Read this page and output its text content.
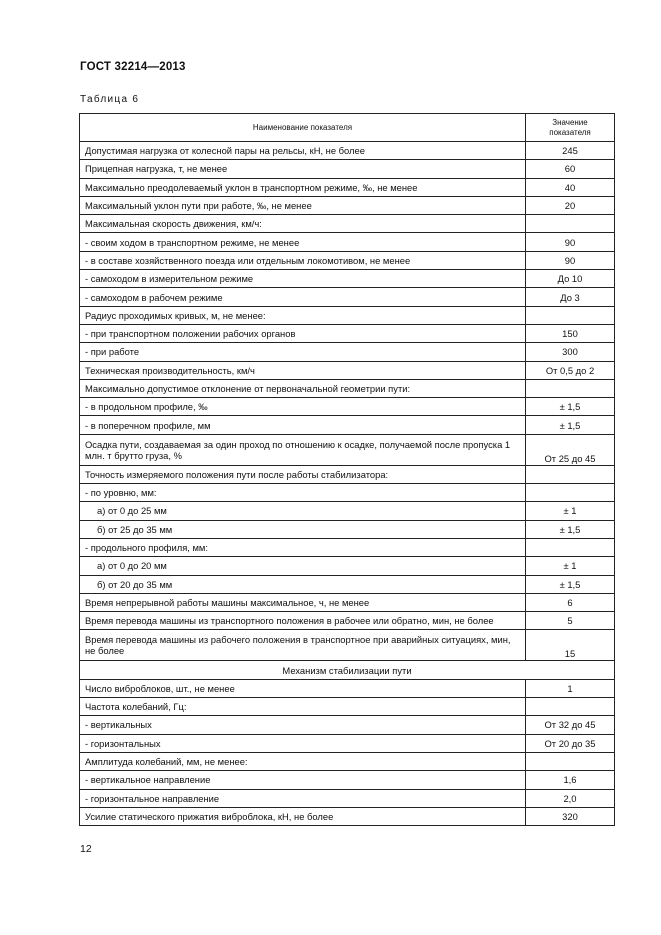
ГОСТ 32214—2013
Таблица 6
Наименование показателя	Значение показателя
Допустимая нагрузка от колесной пары на рельсы, кН, не более	245
Прицепная нагрузка, т, не менее	60
Максимально преодолеваемый уклон в транспортном режиме, ‰, не менее	40
Максимальный уклон пути при работе, ‰, не менее	20
Максимальная скорость движения, км/ч:	
- своим ходом в транспортном режиме, не менее	90
- в составе хозяйственного поезда или отдельным локомотивом, не менее	90
- самоходом в измерительном режиме	До 10
- самоходом в рабочем режиме	До 3
Радиус проходимых кривых, м, не менее:	
- при транспортном положении рабочих органов	150
- при работе	300
Техническая производительность, км/ч	От 0,5 до 2
Максимально допустимое отклонение от первоначальной геометрии пути:	
- в продольном профиле, ‰	± 1,5
- в поперечном профиле, мм	± 1,5
Осадка пути, создаваемая за один проход по отношению к осадке, получаемой после пропуска 1 млн. т брутто груза, %	От 25 до 45
Точность измеряемого положения пути после работы стабилизатора:	
- по уровню, мм:	
а) от 0 до 25 мм	± 1
б) от 25 до 35 мм	± 1,5
- продольного профиля, мм:	
а) от 0 до 20 мм	± 1
б) от 20 до 35 мм	± 1,5
Время непрерывной работы машины максимальное, ч, не менее	6
Время перевода машины из транспортного положения в рабочее или обратно, мин, не более	5
Время перевода машины из рабочего положения в транспортное при аварийных ситуациях, мин, не более	15
Механизм стабилизации пути	
Число виброблоков, шт., не менее	1
Частота колебаний, Гц:	
- вертикальных	От 32 до 45
- горизонтальных	От 20 до 35
Амплитуда колебаний, мм, не менее:	
- вертикальное направление	1,6
- горизонтальное направление	2,0
Усилие статического прижатия виброблока, кН, не более	320
12
